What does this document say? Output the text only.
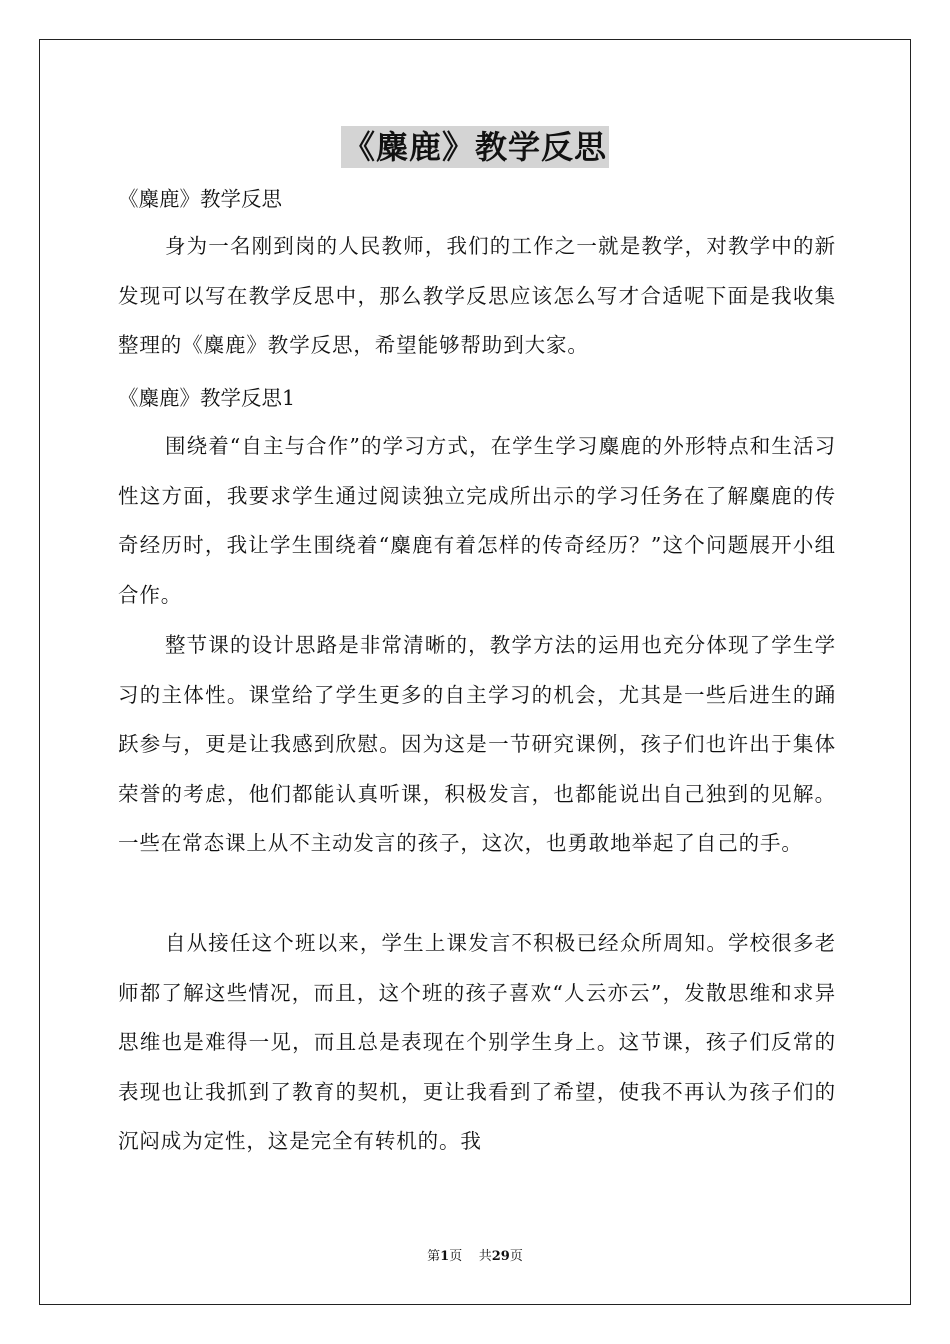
《麋鹿》教学反思
《麋鹿》教学反思

身为一名刚到岗的人民教师，我们的工作之一就是教学，对教学中的新发现可以写在教学反思中，那么教学反思应该怎么写才合适呢下面是我收集整理的《麋鹿》教学反思，希望能够帮助到大家。

《麋鹿》教学反思1

围绕着“自主与合作”的学习方式，在学生学习麋鹿的外形特点和生活习性这方面，我要求学生通过阅读独立完成所出示的学习任务在了解麋鹿的传奇经历时，我让学生围绕着“麋鹿有着怎样的传奇经历？”这个问题展开小组合作。

整节课的设计思路是非常清晰的，教学方法的运用也充分体现了学生学习的主体性。课堂给了学生更多的自主学习的机会，尤其是一些后进生的踊跃参与，更是让我感到欣慰。因为这是一节研究课例，孩子们也许出于集体荣誉的考虑，他们都能认真听课，积极发言，也都能说出自己独到的见解。一些在常态课上从不主动发言的孩子，这次，也勇敢地举起了自己的手。

自从接任这个班以来，学生上课发言不积极已经众所周知。学校很多老师都了解这些情况，而且，这个班的孩子喜欢“人云亦云”，发散思维和求异思维也是难得一见，而且总是表现在个别学生身上。这节课，孩子们反常的表现也让我抓到了教育的契机，更让我看到了希望，使我不再认为孩子们的沉闷成为定性，这是完全有转机的。我

第1页 共29页
